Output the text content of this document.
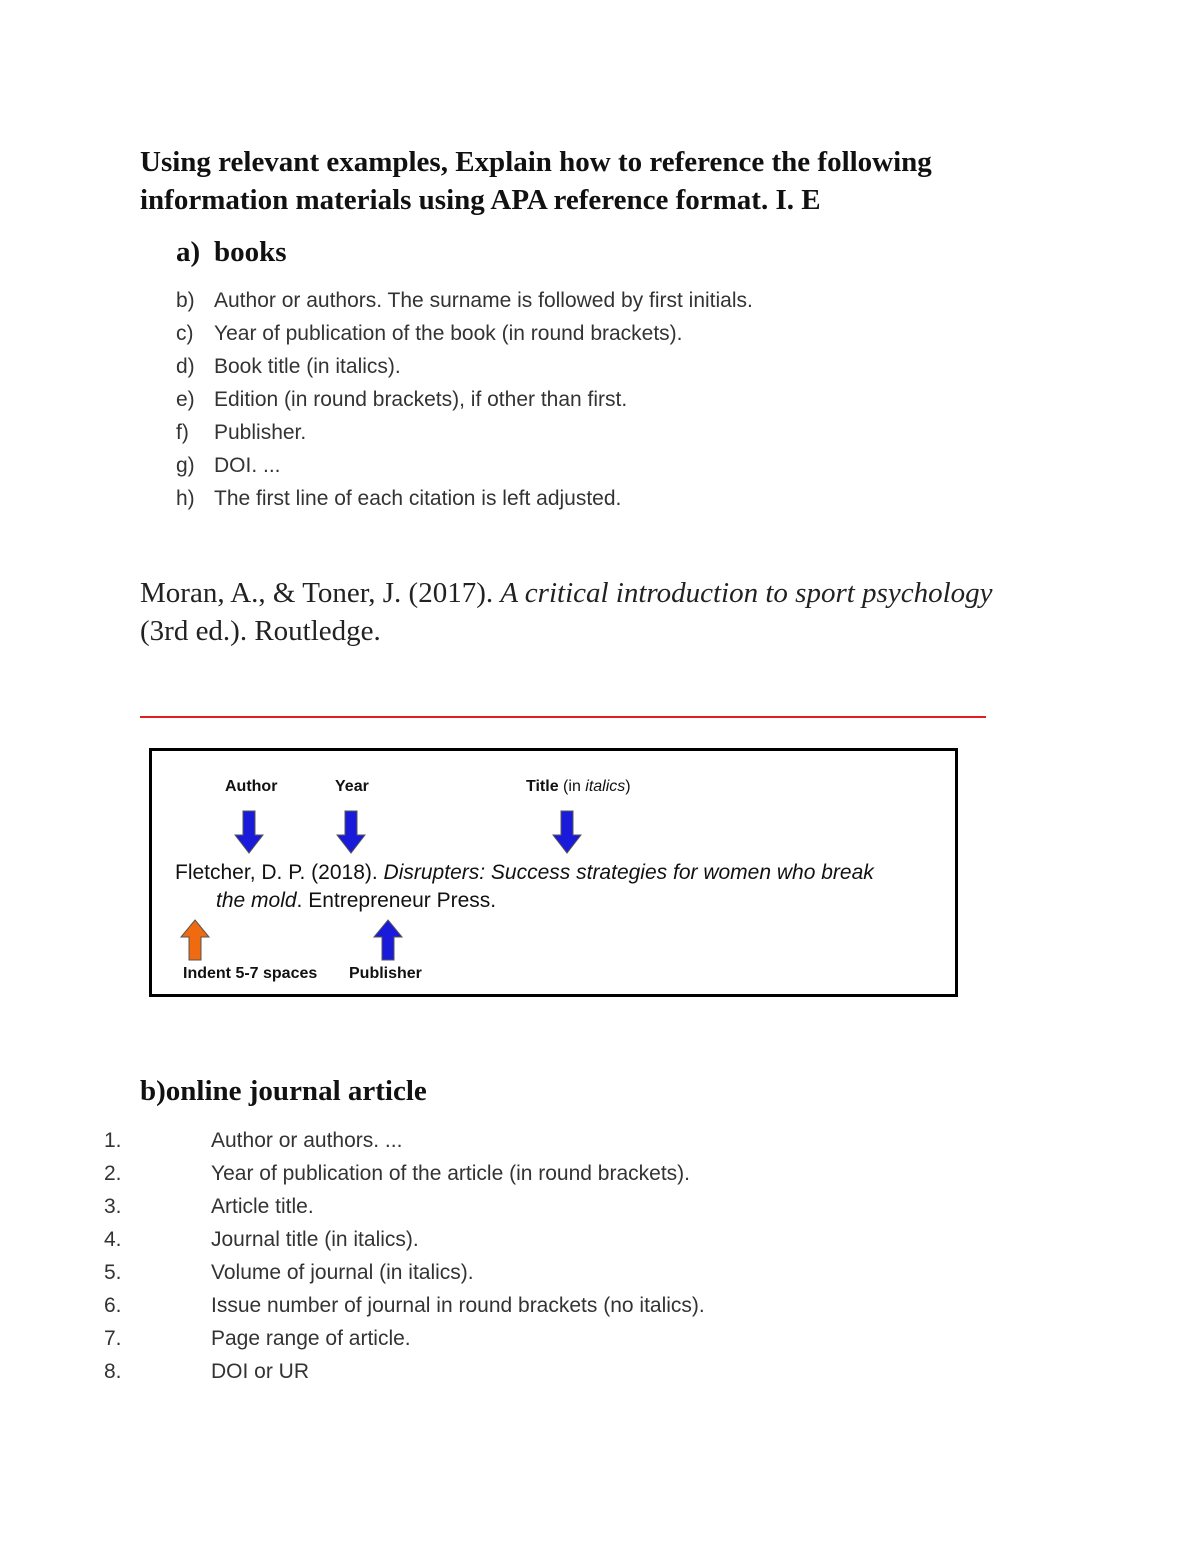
Using relevant examples, Explain how to reference the following
information materials using APA reference format. I. E
a) books
b) Author or authors. The surname is followed by first initials.
c) Year of publication of the book (in round brackets).
d) Book title (in italics).
e) Edition (in round brackets), if other than first.
f) Publisher.
g) DOI. ...
h) The first line of each citation is left adjusted.
Moran, A., & Toner, J. (2017). A critical introduction to sport psychology (3rd ed.). Routledge.
Author	Year	Title (in italics)
Fletcher, D. P. (2018). Disrupters: Success strategies for women who break
the mold. Entrepreneur Press.
Indent 5-7 spaces Publisher
b)online journal article
1.	Author or authors. ...
2.	Year of publication of the article (in round brackets).
3.	Article title.
4.	Journal title (in italics).
5.	Volume of journal (in italics).
6.	Issue number of journal in round brackets (no italics).
7.	Page range of article.
8.	DOI or UR
